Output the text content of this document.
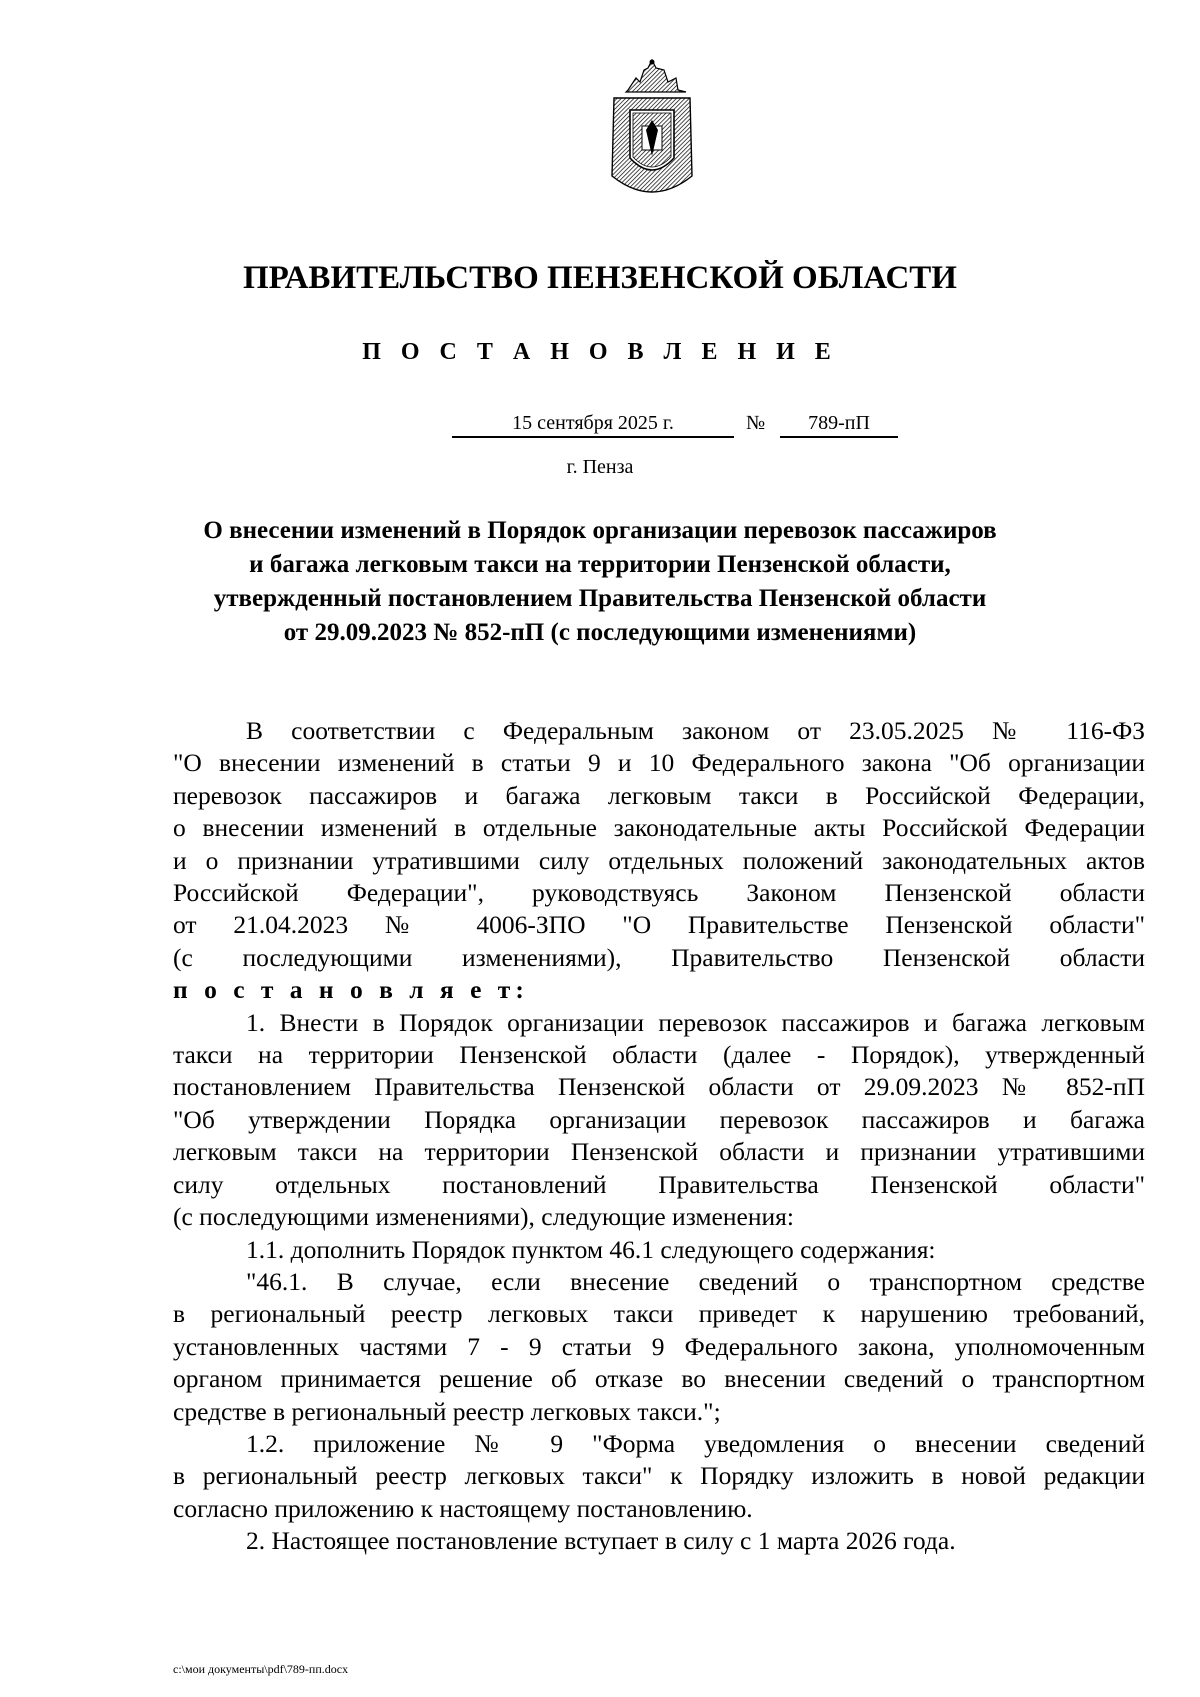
ПРАВИТЕЛЬСТВО ПЕНЗЕНСКОЙ ОБЛАСТИ
П О С Т А Н О В Л Е Н И Е
15 сентября 2025 г.	№	789-пП
г. Пенза
О внесении изменений в Порядок организации перевозок пассажиров
и багажа легковым такси на территории Пензенской области,
утвержденный постановлением Правительства Пензенской области
от 29.09.2023 № 852-пП (с последующими изменениями)
В соответствии с Федеральным законом от 23.05.2025 № 116-ФЗ
"О внесении изменений в статьи 9 и 10 Федерального закона "Об организации
перевозок пассажиров и багажа легковым такси в Российской Федерации,
о внесении изменений в отдельные законодательные акты Российской Федерации
и о признании утратившими силу отдельных положений законодательных актов
Российской Федерации", руководствуясь Законом Пензенской области
от 21.04.2023 № 4006-ЗПО "О Правительстве Пензенской области"
(с последующими изменениями), Правительство Пензенской области
п о с т а н о в л я е т:
1. Внести в Порядок организации перевозок пассажиров и багажа легковым
такси на территории Пензенской области (далее - Порядок), утвержденный
постановлением Правительства Пензенской области от 29.09.2023 № 852-пП
"Об утверждении Порядка организации перевозок пассажиров и багажа
легковым такси на территории Пензенской области и признании утратившими
силу отдельных постановлений Правительства Пензенской области"
(с последующими изменениями), следующие изменения:
1.1. дополнить Порядок пунктом 46.1 следующего содержания:
"46.1. В случае, если внесение сведений о транспортном средстве
в региональный реестр легковых такси приведет к нарушению требований,
установленных частями 7 - 9 статьи 9 Федерального закона, уполномоченным
органом принимается решение об отказе во внесении сведений о транспортном
средстве в региональный реестр легковых такси.";
1.2. приложение № 9 "Форма уведомления о внесении сведений
в региональный реестр легковых такси" к Порядку изложить в новой редакции
согласно приложению к настоящему постановлению.
2. Настоящее постановление вступает в силу с 1 марта 2026 года.
c:\мои документы\pdf\789-пп.docx
